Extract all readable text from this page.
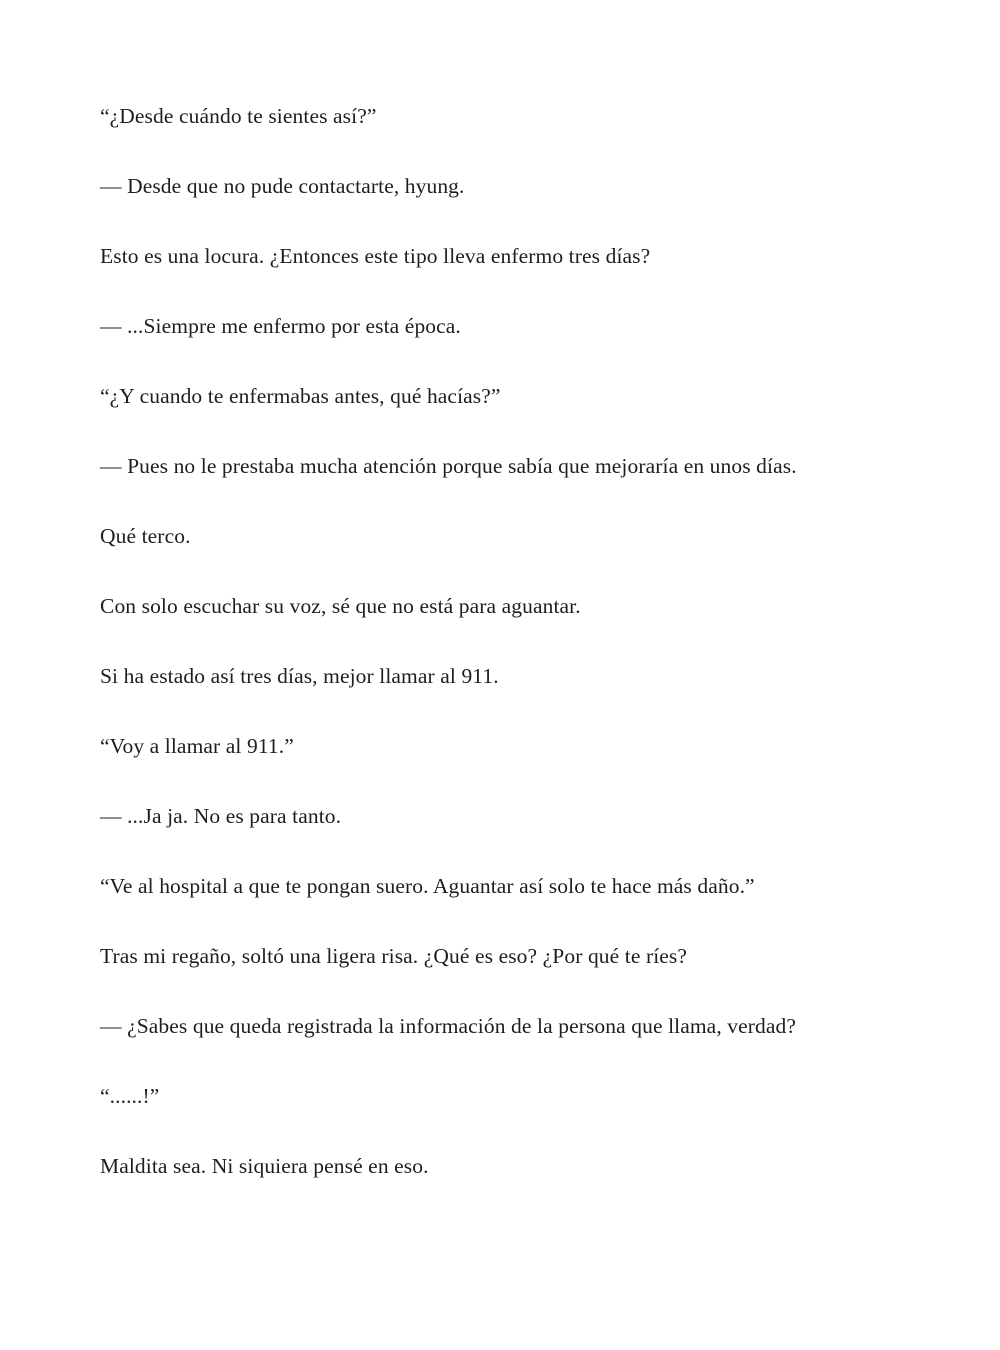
“¿Desde cuándo te sientes así?”

— Desde que no pude contactarte, hyung.

Esto es una locura. ¿Entonces este tipo lleva enfermo tres días?

— ...Siempre me enfermo por esta época.

“¿Y cuando te enfermabas antes, qué hacías?”

— Pues no le prestaba mucha atención porque sabía que mejoraría en unos días.

Qué terco.

Con solo escuchar su voz, sé que no está para aguantar.

Si ha estado así tres días, mejor llamar al 911.

“Voy a llamar al 911.”

— ...Ja ja. No es para tanto.

“Ve al hospital a que te pongan suero. Aguantar así solo te hace más daño.”

Tras mi regaño, soltó una ligera risa. ¿Qué es eso? ¿Por qué te ríes?

— ¿Sabes que queda registrada la información de la persona que llama, verdad?

“......!”

Maldita sea. Ni siquiera pensé en eso.
